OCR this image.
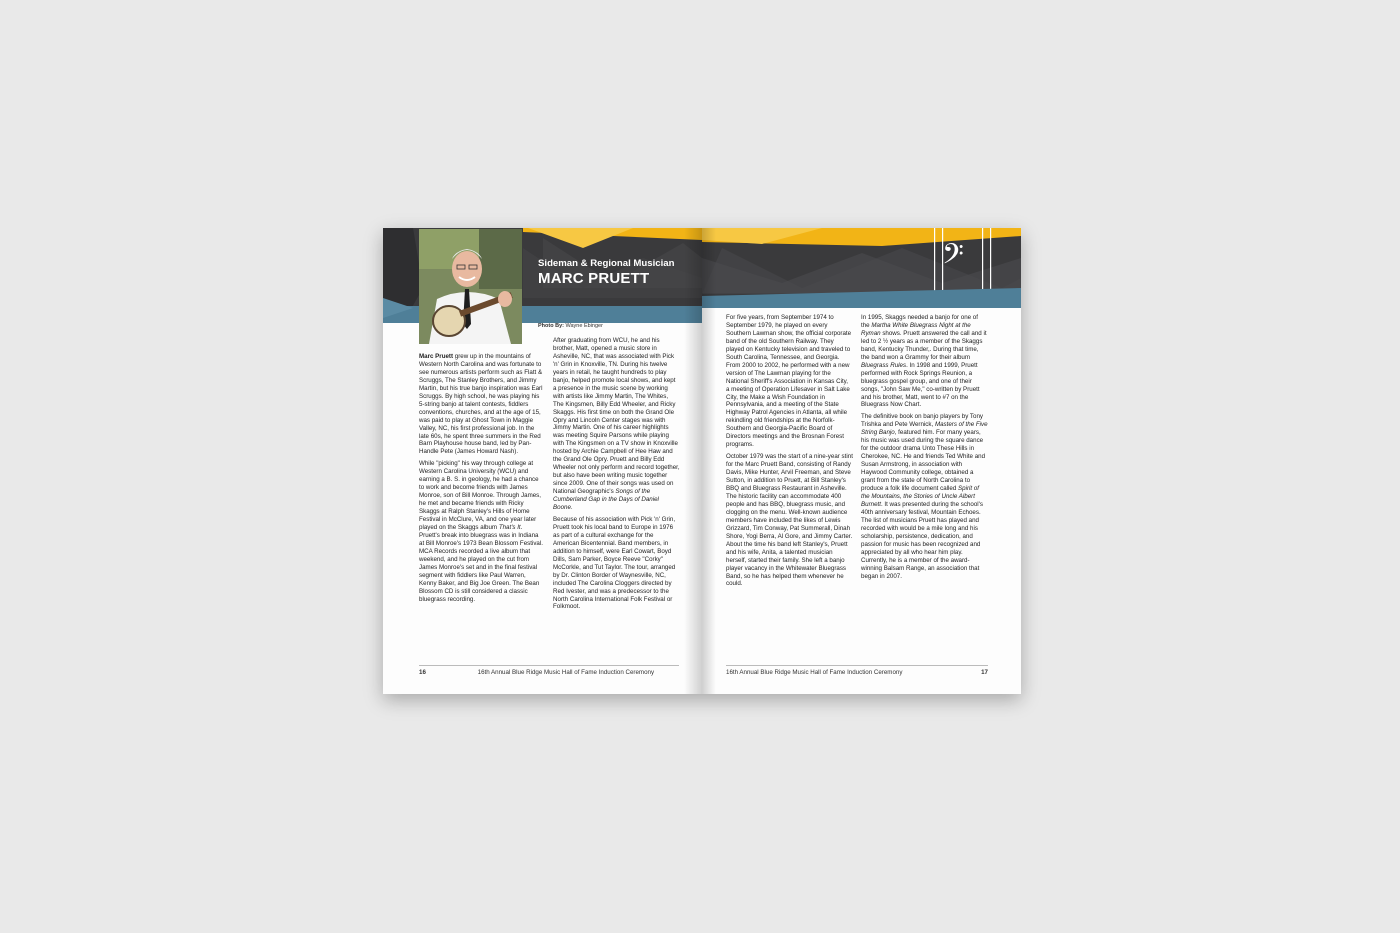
Sideman & Regional Musician
MARC PRUETT
Photo By: Wayne Ebinger

Marc Pruett grew up in the mountains of Western North Carolina and was fortunate to see numerous artists perform such as Flatt & Scruggs, The Stanley Brothers, and Jimmy Martin, but his true banjo inspiration was Earl Scruggs. By high school, he was playing his 5-string banjo at talent contests, fiddlers conventions, churches, and at the age of 15, was paid to play at Ghost Town in Maggie Valley, NC, his first professional job. In the late 60s, he spent three summers in the Red Barn Playhouse house band, led by Pan-Handle Pete (James Howard Nash).

While "picking" his way through college at Western Carolina University (WCU) and earning a B. S. in geology, he had a chance to work and become friends with James Monroe, son of Bill Monroe. Through James, he met and became friends with Ricky Skaggs at Ralph Stanley's Hills of Home Festival in McClure, VA, and one year later played on the Skaggs album That's It. Pruett's break into bluegrass was in Indiana at Bill Monroe's 1973 Bean Blossom Festival. MCA Records recorded a live album that weekend, and he played on the cut from James Monroe's set and in the final festival segment with fiddlers like Paul Warren, Kenny Baker, and Big Joe Green. The Bean Blossom CD is still considered a classic bluegrass recording.

After graduating from WCU, he and his brother, Matt, opened a music store in Asheville, NC, that was associated with Pick 'n' Grin in Knoxville, TN. During his twelve years in retail, he taught hundreds to play banjo, helped promote local shows, and kept a presence in the music scene by working with artists like Jimmy Martin, The Whites, The Kingsmen, Billy Edd Wheeler, and Ricky Skaggs. His first time on both the Grand Ole Opry and Lincoln Center stages was with Jimmy Martin. One of his career highlights was meeting Squire Parsons while playing with The Kingsmen on a TV show in Knoxville hosted by Archie Campbell of Hee Haw and the Grand Ole Opry. Pruett and Billy Edd Wheeler not only perform and record together, but also have been writing music together since 2009. One of their songs was used on National Geographic's Songs of the Cumberland Gap in the Days of Daniel Boone.

Because of his association with Pick 'n' Grin, Pruett took his local band to Europe in 1976 as part of a cultural exchange for the American Bicentennial. Band members, in addition to himself, were Earl Cowart, Boyd Dills, Sam Parker, Boyce Reeve "Corky" McCorkle, and Tut Taylor. The tour, arranged by Dr. Clinton Border of Waynesville, NC, included The Carolina Cloggers directed by Red Ivester, and was a predecessor to the North Carolina International Folk Festival or Folkmoot.

16	16th Annual Blue Ridge Music Hall of Fame Induction Ceremony
𝄢

For five years, from September 1974 to September 1979, he played on every Southern Lawman show, the official corporate band of the old Southern Railway. They played on Kentucky television and traveled to South Carolina, Tennessee, and Georgia. From 2000 to 2002, he performed with a new version of The Lawman playing for the National Sheriff's Association in Kansas City, a meeting of Operation Lifesaver in Salt Lake City, the Make a Wish Foundation in Pennsylvania, and a meeting of the State Highway Patrol Agencies in Atlanta, all while rekindling old friendships at the Norfolk-Southern and Georgia-Pacific Board of Directors meetings and the Brosnan Forest programs.

October 1979 was the start of a nine-year stint for the Marc Pruett Band, consisting of Randy Davis, Mike Hunter, Arvil Freeman, and Steve Sutton, in addition to Pruett, at Bill Stanley's BBQ and Bluegrass Restaurant in Asheville. The historic facility can accommodate 400 people and has BBQ, bluegrass music, and clogging on the menu. Well-known audience members have included the likes of Lewis Grizzard, Tim Conway, Pat Summerall, Dinah Shore, Yogi Berra, Al Gore, and Jimmy Carter. About the time his band left Stanley's, Pruett and his wife, Anita, a talented musician herself, started their family. She left a banjo player vacancy in the Whitewater Bluegrass Band, so he has helped them whenever he could.

In 1995, Skaggs needed a banjo for one of the Martha White Bluegrass Night at the Ryman shows. Pruett answered the call and it led to 2 ½ years as a member of the Skaggs band, Kentucky Thunder,. During that time, the band won a Grammy for their album Bluegrass Rules. In 1998 and 1999, Pruett performed with Rock Springs Reunion, a bluegrass gospel group, and one of their songs, "John Saw Me," co-written by Pruett and his brother, Matt, went to #7 on the Bluegrass Now Chart.

The definitive book on banjo players by Tony Trishka and Pete Wernick, Masters of the Five String Banjo, featured him. For many years, his music was used during the square dance for the outdoor drama Unto These Hills in Cherokee, NC. He and friends Ted White and Susan Armstrong, in association with Haywood Community college, obtained a grant from the state of North Carolina to produce a folk life document called Spirit of the Mountains, the Stories of Uncle Albert Burnett. It was presented during the school's 40th anniversary festival, Mountain Echoes. The list of musicians Pruett has played and recorded with would be a mile long and his scholarship, persistence, dedication, and passion for music has been recognized and appreciated by all who hear him play. Currently, he is a member of the award-winning Balsam Range, an association that began in 2007.

16th Annual Blue Ridge Music Hall of Fame Induction Ceremony	17
